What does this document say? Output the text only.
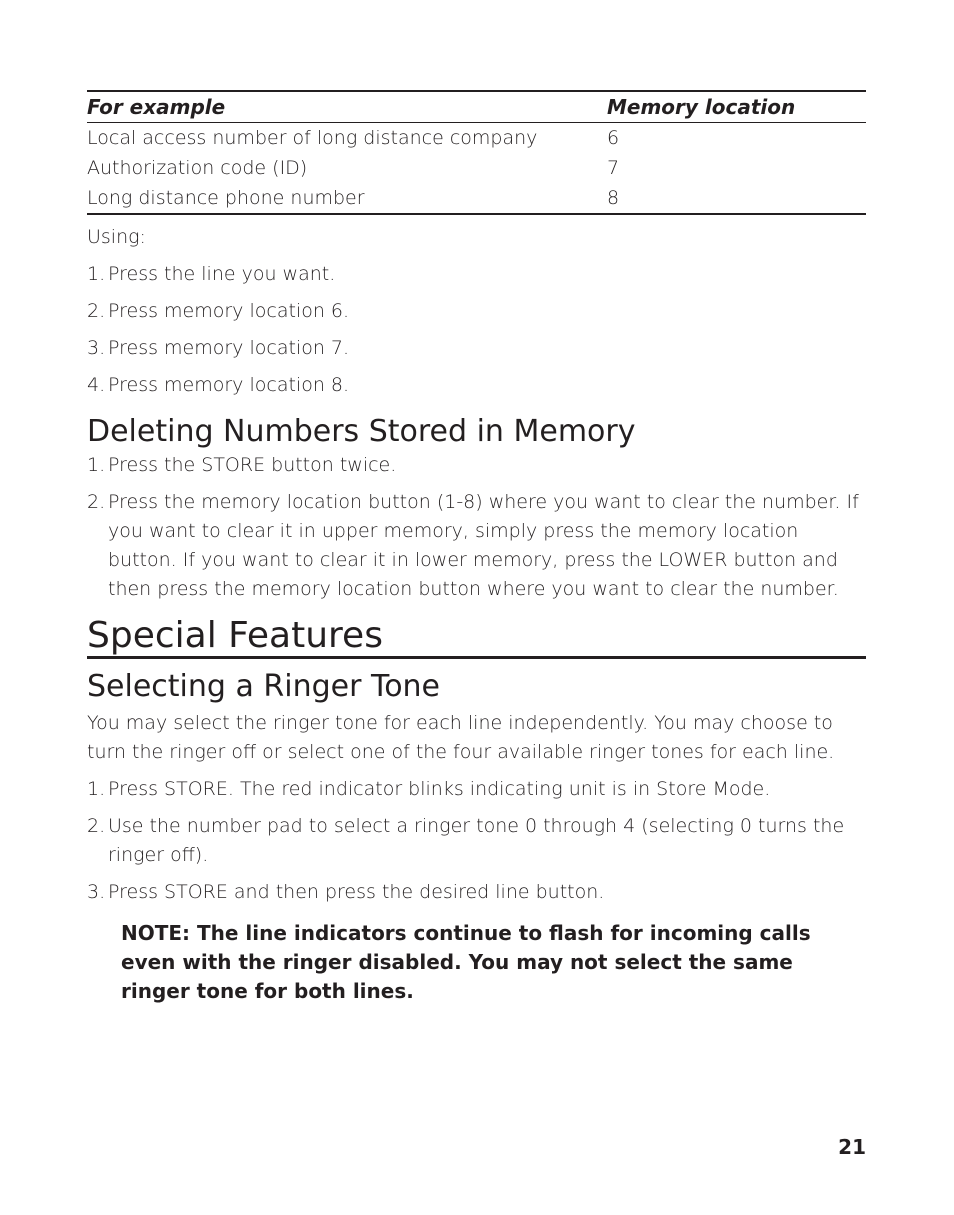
For example	Memory location
Local access number of long distance company	6
Authorization code (ID)	7
Long distance phone number	8

Using:

1. Press the line you want.
2. Press memory location 6.
3. Press memory location 7.
4. Press memory location 8.
Deleting Numbers Stored in Memory
1. Press the STORE button twice.
2. Press the memory location button (1-8) where you want to clear the number. If you want to clear it in upper memory, simply press the memory location button. If you want to clear it in lower memory, press the LOWER button and then press the memory location button where you want to clear the number.
Special Features
Selecting a Ringer Tone

You may select the ringer tone for each line independently. You may choose to turn the ringer off or select one of the four available ringer tones for each line.

1. Press STORE. The red indicator blinks indicating unit is in Store Mode.
2. Use the number pad to select a ringer tone 0 through 4 (selecting 0 turns the ringer off).
3. Press STORE and then press the desired line button.

NOTE: The line indicators continue to flash for incoming calls even with the ringer disabled. You may not select the same ringer tone for both lines.

21
